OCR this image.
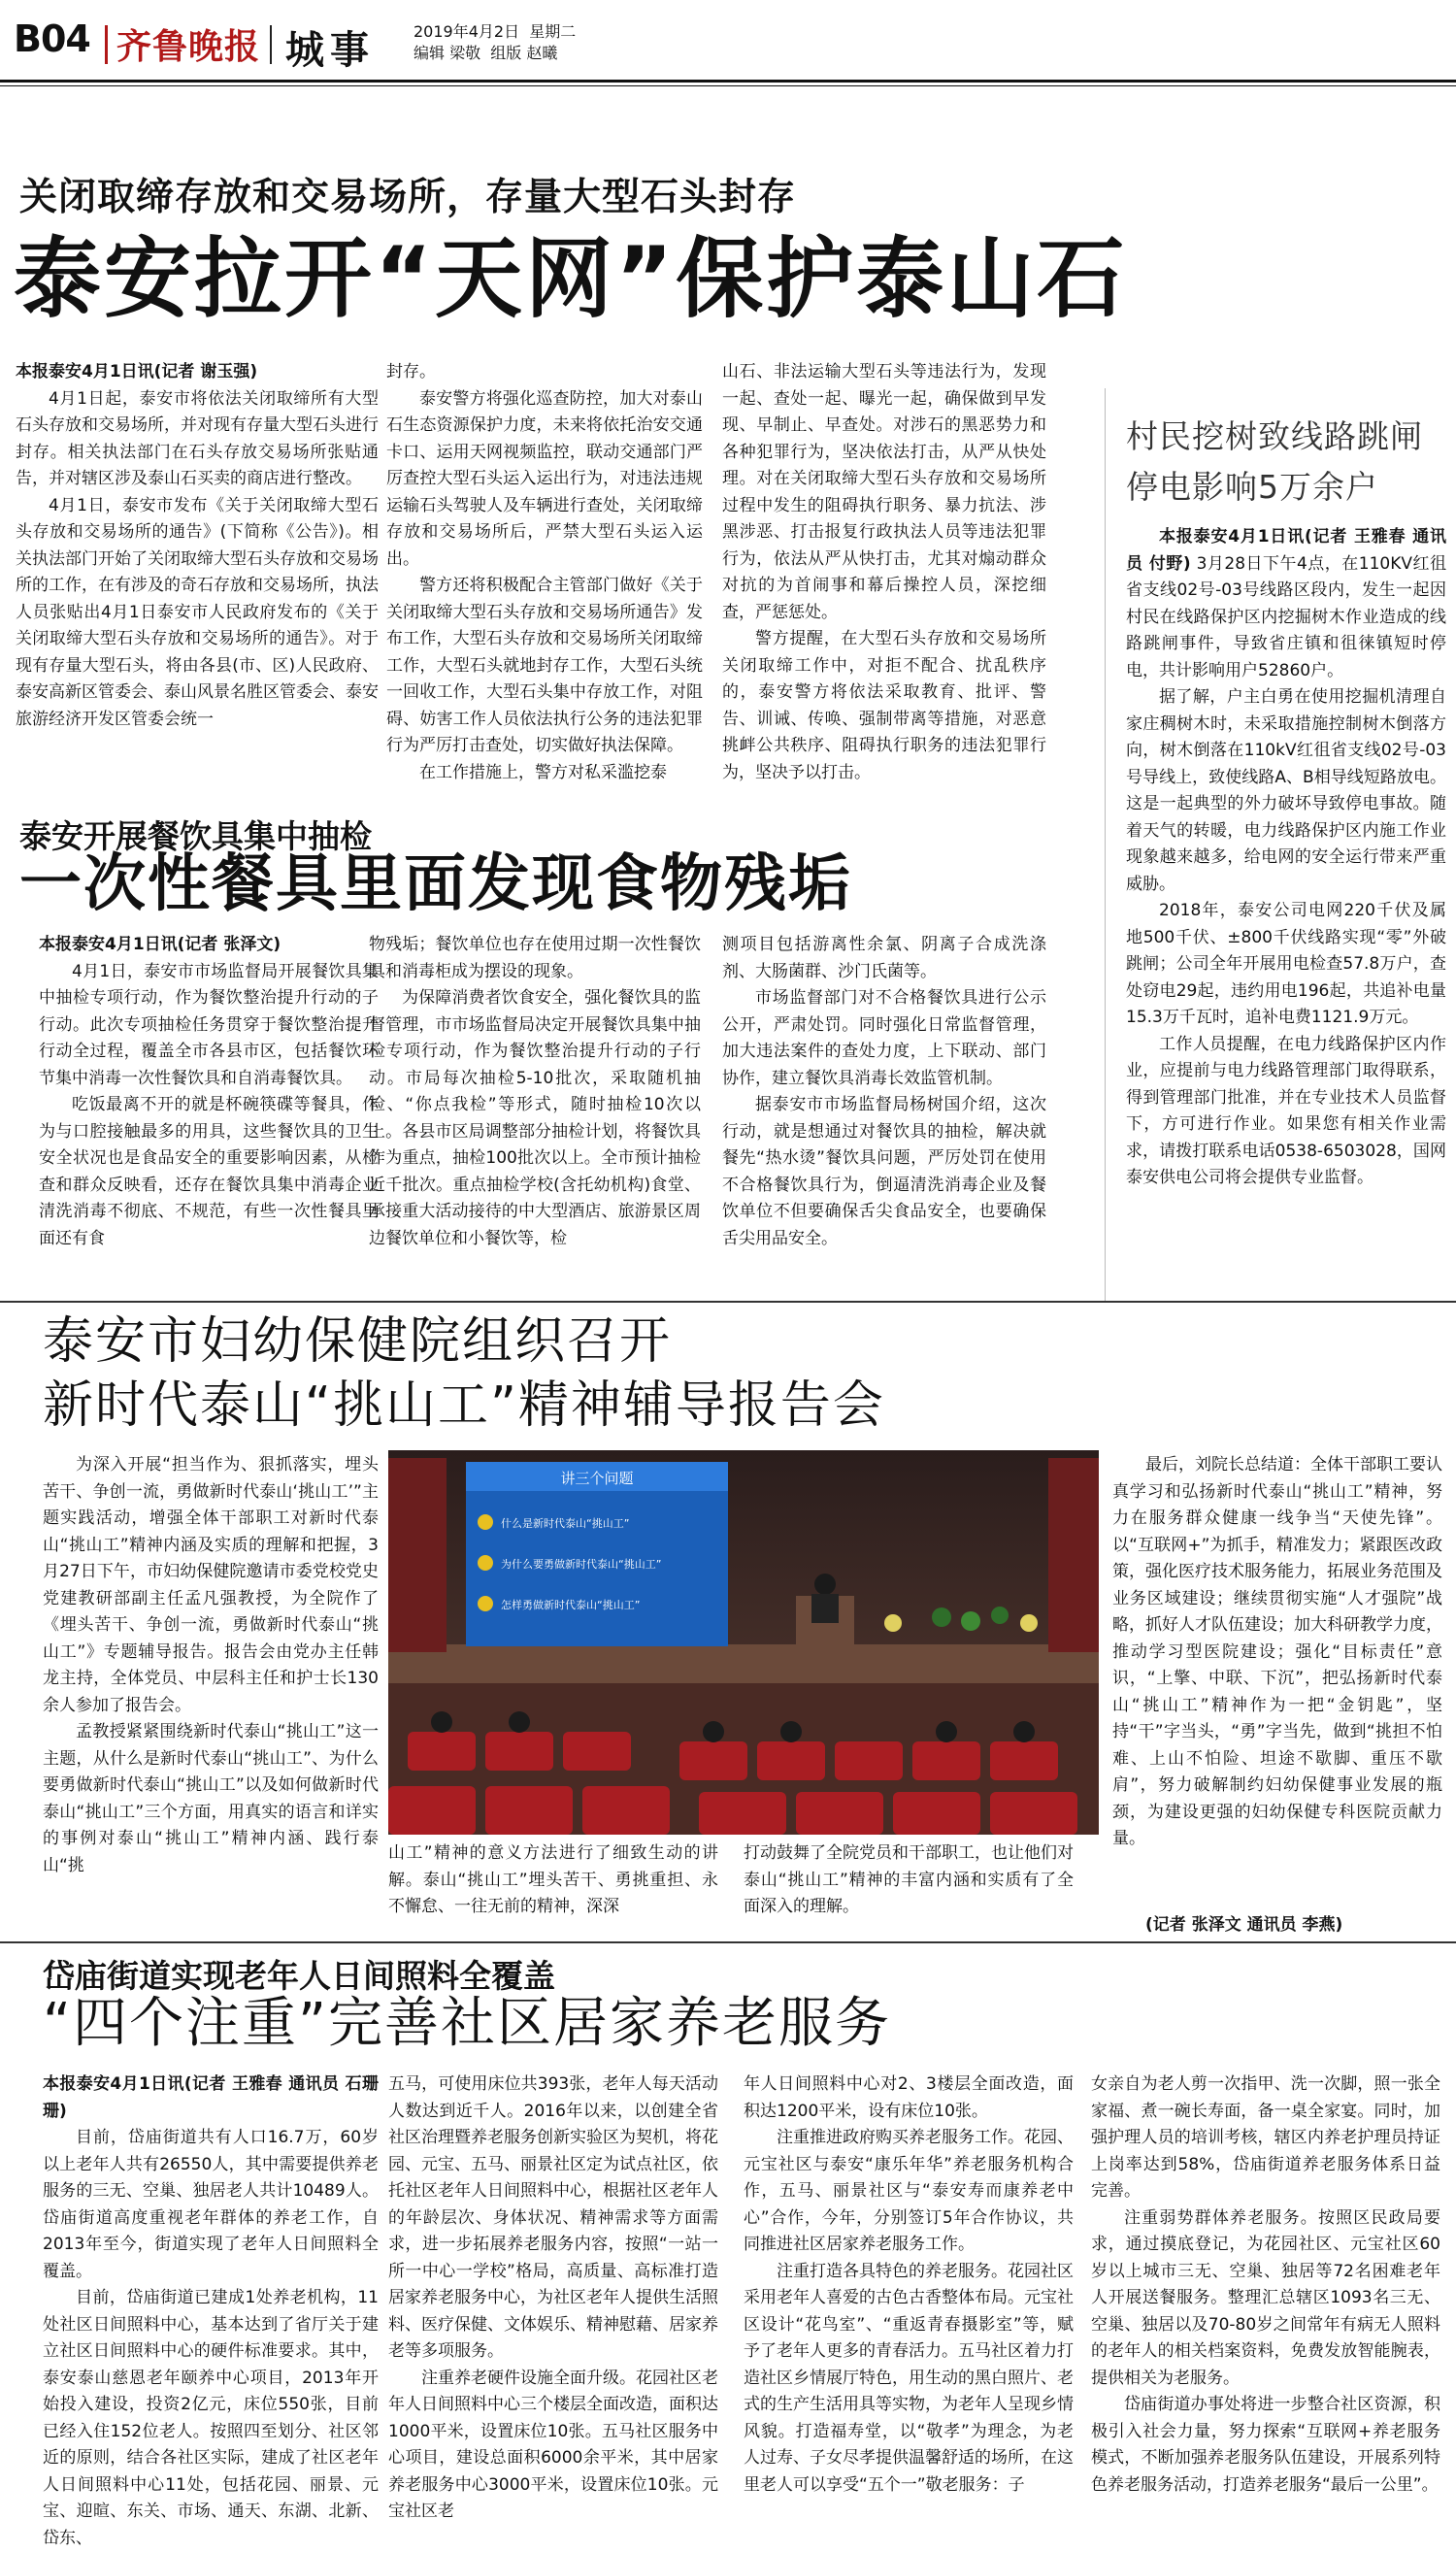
B04 齐鲁晚报 城事	2019年4月2日 星期二
编辑 梁敬 组版 赵曦
关闭取缔存放和交易场所，存量大型石头封存
泰安拉开“天网”保护泰山石

本报泰安4月1日讯(记者 谢玉强)

4月1日起，泰安市将依法关闭取缔所有大型石头存放和交易场所，并对现有存量大型石头进行封存。相关执法部门在石头存放交易场所张贴通告，并对辖区涉及泰山石买卖的商店进行整改。

4月1日，泰安市发布《关于关闭取缔大型石头存放和交易场所的通告》(下简称《公告》)。相关执法部门开始了关闭取缔大型石头存放和交易场所的工作，在有涉及的奇石存放和交易场所，执法人员张贴出4月1日泰安市人民政府发布的《关于关闭取缔大型石头存放和交易场所的通告》。对于现有存量大型石头，将由各县(市、区)人民政府、泰安高新区管委会、泰山风景名胜区管委会、泰安旅游经济开发区管委会统一

封存。

泰安警方将强化巡查防控，加大对泰山石生态资源保护力度，未来将依托治安交通卡口、运用天网视频监控，联动交通部门严厉查控大型石头运入运出行为，对违法违规运输石头驾驶人及车辆进行查处，关闭取缔存放和交易场所后，严禁大型石头运入运出。

警方还将积极配合主管部门做好《关于关闭取缔大型石头存放和交易场所通告》发布工作，大型石头存放和交易场所关闭取缔工作，大型石头就地封存工作，大型石头统一回收工作，大型石头集中存放工作，对阻碍、妨害工作人员依法执行公务的违法犯罪行为严厉打击查处，切实做好执法保障。

在工作措施上，警方对私采滥挖泰

山石、非法运输大型石头等违法行为，发现一起、查处一起、曝光一起，确保做到早发现、早制止、早查处。对涉石的黑恶势力和各种犯罪行为，坚决依法打击，从严从快处理。对在关闭取缔大型石头存放和交易场所过程中发生的阻碍执行职务、暴力抗法、涉黑涉恶、打击报复行政执法人员等违法犯罪行为，依法从严从快打击，尤其对煽动群众对抗的为首闹事和幕后操控人员，深挖细查，严惩惩处。

警方提醒，在大型石头存放和交易场所关闭取缔工作中，对拒不配合、扰乱秩序的，泰安警方将依法采取教育、批评、警告、训诫、传唤、强制带离等措施，对恶意挑衅公共秩序、阻碍执行职务的违法犯罪行为，坚决予以打击。

村民挖树致线路跳闸
停电影响5万余户

本报泰安4月1日讯(记者 王雅春 通讯员 付野) 3月28日下午4点，在110KV红徂省支线02号-03号线路区段内，发生一起因村民在线路保护区内挖掘树木作业造成的线路跳闸事件，导致省庄镇和徂徕镇短时停电，共计影响用户52860户。

据了解，户主白勇在使用挖掘机清理自家庄稠树木时，未采取措施控制树木倒落方向，树木倒落在110kV红徂省支线02号-03号导线上，致使线路A、B相导线短路放电。这是一起典型的外力破坏导致停电事故。随着天气的转暖，电力线路保护区内施工作业现象越来越多，给电网的安全运行带来严重威胁。

2018年，泰安公司电网220千伏及属地500千伏、±800千伏线路实现“零”外破跳闸；公司全年开展用电检查57.8万户，查处窃电29起，违约用电196起，共追补电量15.3万千瓦时，追补电费1121.9万元。

工作人员提醒，在电力线路保护区内作业，应提前与电力线路管理部门取得联系，得到管理部门批准，并在专业技术人员监督下，方可进行作业。如果您有相关作业需求，请拨打联系电话0538-6503028，国网泰安供电公司将会提供专业监督。

泰安开展餐饮具集中抽检
一次性餐具里面发现食物残垢

本报泰安4月1日讯(记者 张泽文)

4月1日，泰安市市场监督局开展餐饮具集中抽检专项行动，作为餐饮整治提升行动的子行动。此次专项抽检任务贯穿于餐饮整治提升行动全过程，覆盖全市各县市区，包括餐饮环节集中消毒一次性餐饮具和自消毒餐饮具。

吃饭最离不开的就是杯碗筷碟等餐具，作为与口腔接触最多的用具，这些餐饮具的卫生安全状况也是食品安全的重要影响因素，从检查和群众反映看，还存在餐饮具集中消毒企业清洗消毒不彻底、不规范，有些一次性餐具里面还有食

物残垢；餐饮单位也存在使用过期一次性餐饮具和消毒柜成为摆设的现象。

为保障消费者饮食安全，强化餐饮具的监督管理，市市场监督局决定开展餐饮具集中抽检专项行动，作为餐饮整治提升行动的子行动。市局每次抽检5-10批次，采取随机抽检、“你点我检”等形式，随时抽检10次以上。各县市区局调整部分抽检计划，将餐饮具作为重点，抽检100批次以上。全市预计抽检近千批次。重点抽检学校(含托幼机构)食堂、承接重大活动接待的中大型酒店、旅游景区周边餐饮单位和小餐饮等，检

测项目包括游离性余氯、阴离子合成洗涤剂、大肠菌群、沙门氏菌等。

市场监督部门对不合格餐饮具进行公示公开，严肃处罚。同时强化日常监督管理，加大违法案件的查处力度，上下联动、部门协作，建立餐饮具消毒长效监管机制。

据泰安市市场监督局杨树国介绍，这次行动，就是想通过对餐饮具的抽检，解决就餐先“热水烫”餐饮具问题，严厉处罚在使用不合格餐饮具行为，倒逼清洗消毒企业及餐饮单位不但要确保舌尖食品安全，也要确保舌尖用品安全。

泰安市妇幼保健院组织召开
新时代泰山“挑山工”精神辅导报告会

为深入开展“担当作为、狠抓落实，埋头苦干、争创一流，勇做新时代泰山‘挑山工’”主题实践活动，增强全体干部职工对新时代泰山“挑山工”精神内涵及实质的理解和把握，3月27日下午，市妇幼保健院邀请市委党校党史党建教研部副主任孟凡强教授，为全院作了《埋头苦干、争创一流，勇做新时代泰山“挑山工”》专题辅导报告。报告会由党办主任韩龙主持，全体党员、中层科主任和护士长130余人参加了报告会。

孟教授紧紧围绕新时代泰山“挑山工”这一主题，从什么是新时代泰山“挑山工”、为什么要勇做新时代泰山“挑山工”以及如何做新时代泰山“挑山工”三个方面，用真实的语言和详实的事例对泰山“挑山工”精神内涵、践行泰山“挑

讲三个问题
什么是新时代泰山“挑山工”
为什么要勇做新时代泰山“挑山工”
怎样勇做新时代泰山“挑山工”

山工”精神的意义方法进行了细致生动的讲解。泰山“挑山工”埋头苦干、勇挑重担、永不懈怠、一往无前的精神，深深

打动鼓舞了全院党员和干部职工，也让他们对泰山“挑山工”精神的丰富内涵和实质有了全面深入的理解。

最后，刘院长总结道：全体干部职工要认真学习和弘扬新时代泰山“挑山工”精神，努力在服务群众健康一线争当“天使先锋”。以“互联网+”为抓手，精准发力；紧跟医改政策，强化医疗技术服务能力，拓展业务范围及业务区域建设；继续贯彻实施“人才强院”战略，抓好人才队伍建设；加大科研教学力度，推动学习型医院建设；强化“目标责任”意识，“上擎、中联、下沉”，把弘扬新时代泰山“挑山工”精神作为一把“金钥匙”，坚持“干”字当头，“勇”字当先，做到“挑担不怕难、上山不怕险、坦途不歇脚、重压不歇肩”，努力破解制约妇幼保健事业发展的瓶颈，为建设更强的妇幼保健专科医院贡献力量。

(记者 张泽文 通讯员 李燕)
岱庙街道实现老年人日间照料全覆盖
“四个注重”完善社区居家养老服务

本报泰安4月1日讯(记者 王雅春 通讯员 石珊珊)

目前，岱庙街道共有人口16.7万，60岁以上老年人共有26550人，其中需要提供养老服务的三无、空巢、独居老人共计10489人。岱庙街道高度重视老年群体的养老工作，自2013年至今，街道实现了老年人日间照料全覆盖。

目前，岱庙街道已建成1处养老机构，11处社区日间照料中心，基本达到了省厅关于建立社区日间照料中心的硬件标准要求。其中，泰安泰山慈恩老年颐养中心项目，2013年开始投入建设，投资2亿元，床位550张，目前已经入住152位老人。按照四至划分、社区邻近的原则，结合各社区实际，建成了社区老年人日间照料中心11处，包括花园、丽景、元宝、迎暄、东关、市场、通天、东湖、北新、岱东、

五马，可使用床位共393张，老年人每天活动人数达到近千人。2016年以来，以创建全省社区治理暨养老服务创新实验区为契机，将花园、元宝、五马、丽景社区定为试点社区，依托社区老年人日间照料中心，根据社区老年人的年龄层次、身体状况、精神需求等方面需求，进一步拓展养老服务内容，按照“一站一所一中心一学校”格局，高质量、高标准打造居家养老服务中心，为社区老年人提供生活照料、医疗保健、文体娱乐、精神慰藉、居家养老等多项服务。

注重养老硬件设施全面升级。花园社区老年人日间照料中心三个楼层全面改造，面积达1000平米，设置床位10张。五马社区服务中心项目，建设总面积6000余平米，其中居家养老服务中心3000平米，设置床位10张。元宝社区老

年人日间照料中心对2、3楼层全面改造，面积达1200平米，设有床位10张。

注重推进政府购买养老服务工作。花园、元宝社区与泰安“康乐年华”养老服务机构合作，五马、丽景社区与“泰安寿而康养老中心”合作，今年，分别签订5年合作协议，共同推进社区居家养老服务工作。

注重打造各具特色的养老服务。花园社区采用老年人喜爱的古色古香整体布局。元宝社区设计“花鸟室”、“重返青春摄影室”等，赋予了老年人更多的青春活力。五马社区着力打造社区乡情展厅特色，用生动的黑白照片、老式的生产生活用具等实物，为老年人呈现乡情风貌。打造福寿堂，以“敬孝”为理念，为老人过寿、子女尽孝提供温馨舒适的场所，在这里老人可以享受“五个一”敬老服务：子

女亲自为老人剪一次指甲、洗一次脚，照一张全家福、煮一碗长寿面，备一桌全家宴。同时，加强护理人员的培训考核，辖区内养老护理员持证上岗率达到58%，岱庙街道养老服务体系日益完善。

注重弱势群体养老服务。按照区民政局要求，通过摸底登记，为花园社区、元宝社区60岁以上城市三无、空巢、独居等72名困难老年人开展送餐服务。整理汇总辖区1093名三无、空巢、独居以及70-80岁之间常年有病无人照料的老年人的相关档案资料，免费发放智能腕表，提供相关为老服务。

岱庙街道办事处将进一步整合社区资源，积极引入社会力量，努力探索“互联网+养老服务模式，不断加强养老服务队伍建设，开展系列特色养老服务活动，打造养老服务“最后一公里”。
